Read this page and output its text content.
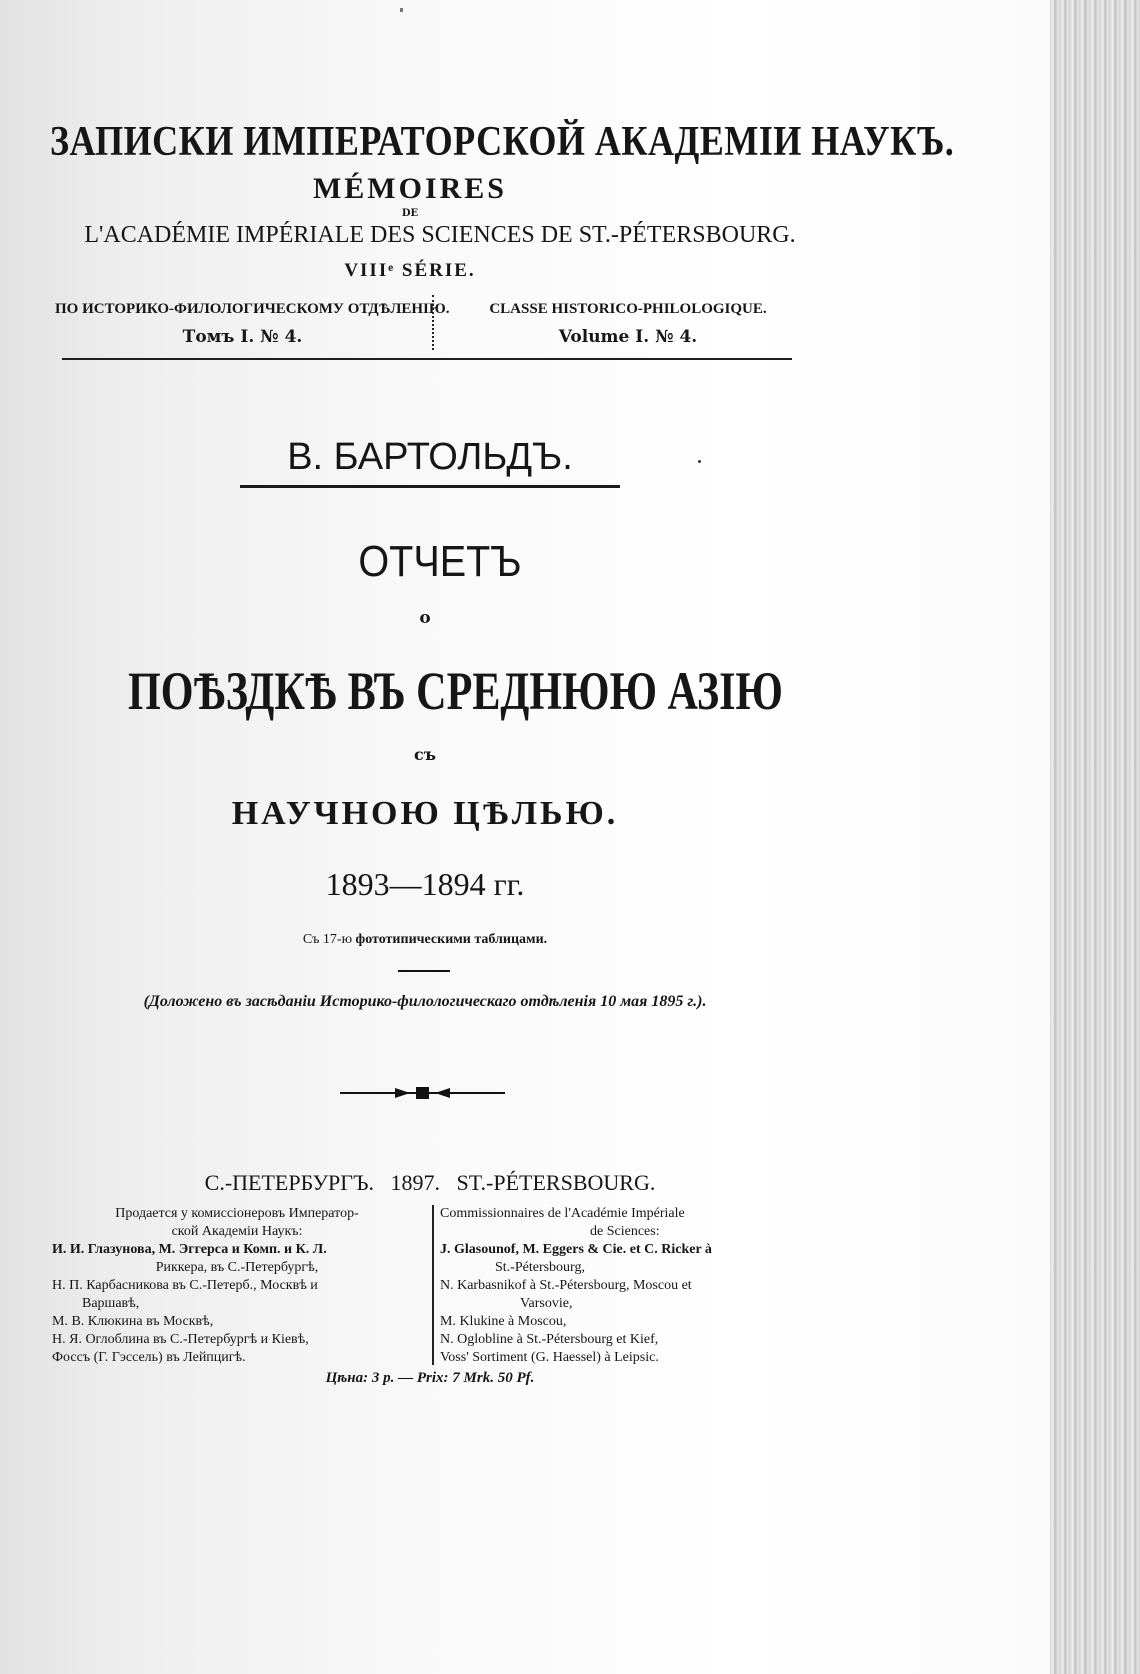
ЗАПИСКИ ИМПЕРАТОРСКОЙ АКАДЕМІИ НАУКЪ.
MÉMOIRES
DE
L'ACADÉMIE IMPÉRIALE DES SCIENCES DE ST.-PÉTERSBOURG.
VIIIᵉ SÉRIE.
ПО ИСТОРИКО-ФИЛОЛОГИЧЕСКОМУ ОТДѢЛЕНІЮ.	CLASSE HISTORICO-PHILOLOGIQUE.
Томъ I. № 4.	Volume I. № 4.
В. БАРТОЛЬДЪ.
ОТЧЕТЪ
о
ПОѢЗДКѢ ВЪ СРЕДНЮЮ АЗІЮ
съ
НАУЧНОЮ ЦѢЛЬЮ.
1893—1894 гг.
Съ 17-ю фототипическими таблицами.
(Доложено въ засѣданіи Историко-филологическаго отдѣленія 10 мая 1895 г.).
С.-ПЕТЕРБУРГЪ.   1897.   ST.-PÉTERSBOURG.
Продается у комиссіонеровъ Император-
ской Академіи Наукъ:
И. И. Глазунова, М. Эггерса и Комп. и К. Л.
Риккера, въ С.-Петербургѣ,
Н. П. Карбасникова въ С.-Петерб., Москвѣ и
Варшавѣ,
М. В. Клюкина въ Москвѣ,
Н. Я. Оглоблина въ С.-Петербургѣ и Кіевѣ,
Фоссъ (Г. Гэссель) въ Лейпцигѣ.
Commissionnaires de l'Académie Impériale
de Sciences:
J. Glasounof, M. Eggers & Cie. et C. Ricker à
St.-Pétersbourg,
N. Karbasnikof à St.-Pétersbourg, Moscou et
Varsovie,
M. Klukine à Moscou,
N. Oglobline à St.-Pétersbourg et Kief,
Voss' Sortiment (G. Haessel) à Leipsic.
Цѣна: 3 р. — Prix: 7 Mrk. 50 Pf.
